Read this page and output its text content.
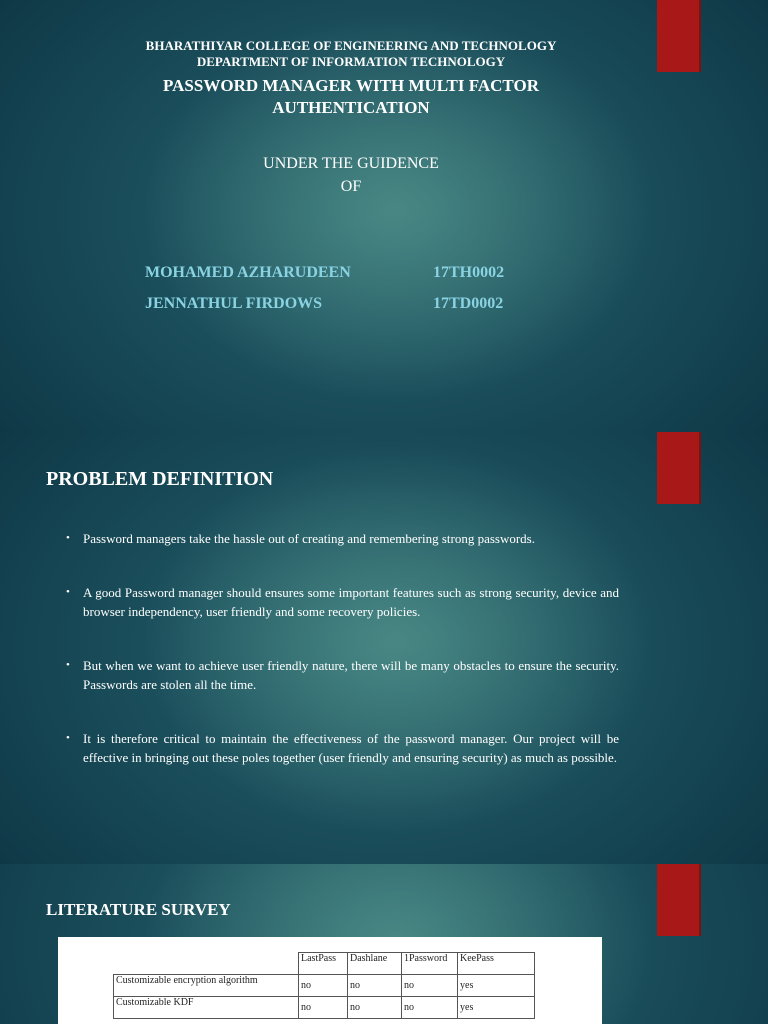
BHARATHIYAR COLLEGE OF ENGINEERING AND TECHNOLOGY
DEPARTMENT OF INFORMATION TECHNOLOGY
PASSWORD MANAGER WITH MULTI FACTOR
AUTHENTICATION
UNDER THE GUIDENCE
OF
MOHAMED AZHARUDEEN	17TH0002
JENNATHUL FIRDOWS	17TD0002
PROBLEM DEFINITION
• Password managers take the hassle out of creating and remembering strong passwords.
• A good Password manager should ensures some important features such as strong security, device and browser independency, user friendly and some recovery policies.
• But when we want to achieve user friendly nature, there will be many obstacles to ensure the security. Passwords are stolen all the time.
• It is therefore critical to maintain the effectiveness of the password manager. Our project will be effective in bringing out these poles together (user friendly and ensuring security) as much as possible.
LITERATURE SURVEY
	LastPass	Dashlane	1Password	KeePass
Customizable encryption algorithm	no	no	no	yes
Customizable KDF	no	no	no	yes
